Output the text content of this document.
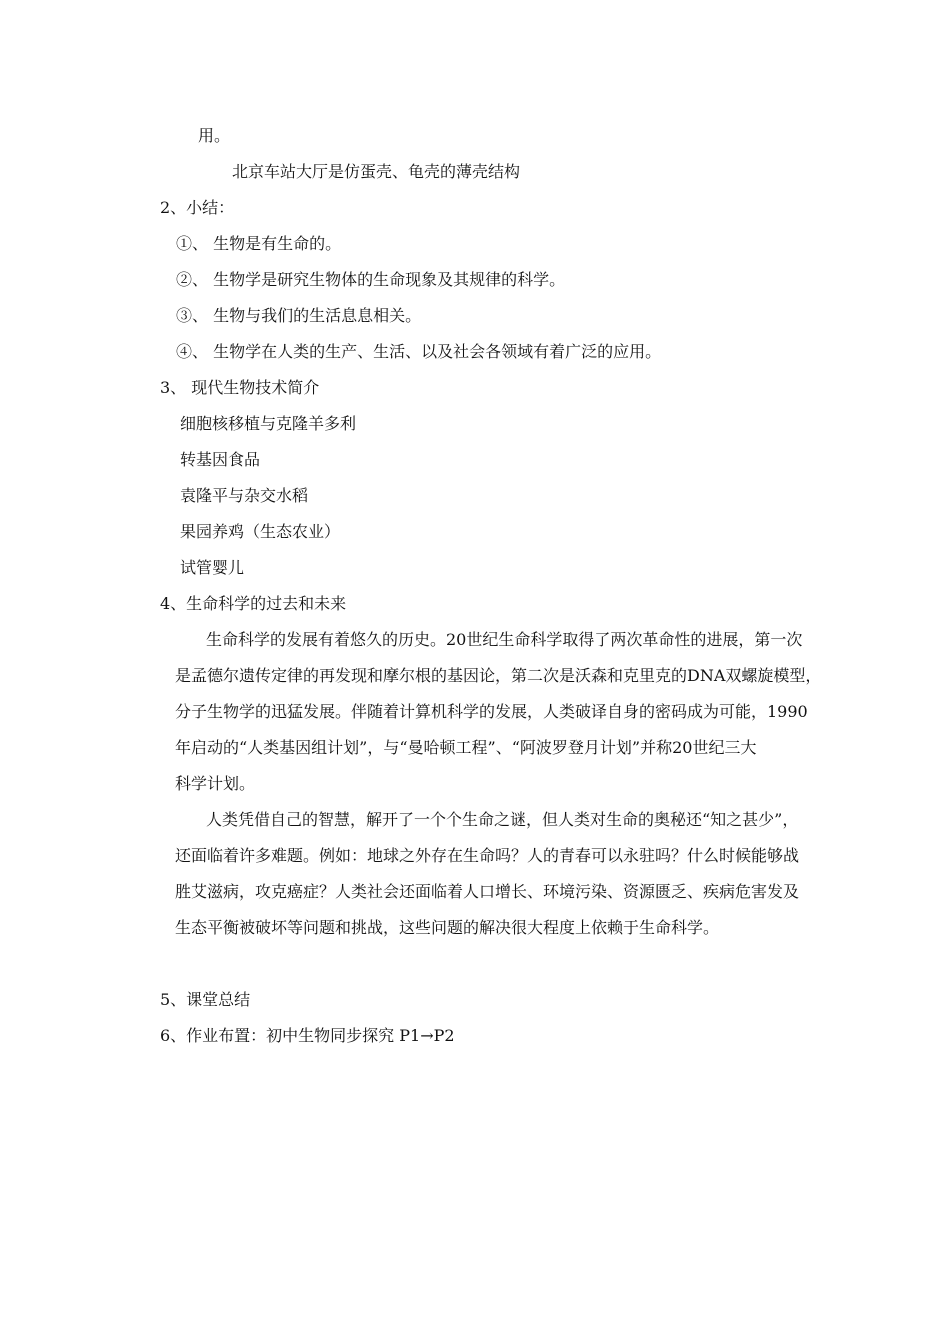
用。
北京车站大厅是仿蛋壳、龟壳的薄壳结构
2、小结：
①、 生物是有生命的。
②、 生物学是研究生物体的生命现象及其规律的科学。
③、 生物与我们的生活息息相关。
④、 生物学在人类的生产、生活、以及社会各领域有着广泛的应用。
3、 现代生物技术简介
细胞核移植与克隆羊多利
转基因食品
袁隆平与杂交水稻
果园养鸡（生态农业）
试管婴儿
4、生命科学的过去和未来
生命科学的发展有着悠久的历史。20世纪生命科学取得了两次革命性的进展，第一次
是孟德尔遗传定律的再发现和摩尔根的基因论，第二次是沃森和克里克的DNA双螺旋模型，
分子生物学的迅猛发展。伴随着计算机科学的发展，人类破译自身的密码成为可能，1990
年启动的“人类基因组计划”，与“曼哈顿工程”、“阿波罗登月计划”并称20世纪三大
科学计划。
人类凭借自己的智慧，解开了一个个生命之谜，但人类对生命的奥秘还“知之甚少”，
还面临着许多难题。例如：地球之外存在生命吗？人的青春可以永驻吗？什么时候能够战
胜艾滋病，攻克癌症？人类社会还面临着人口增长、环境污染、资源匮乏、疾病危害发及
生态平衡被破坏等问题和挑战，这些问题的解决很大程度上依赖于生命科学。
5、课堂总结
6、作业布置：初中生物同步探究 P1→P2
